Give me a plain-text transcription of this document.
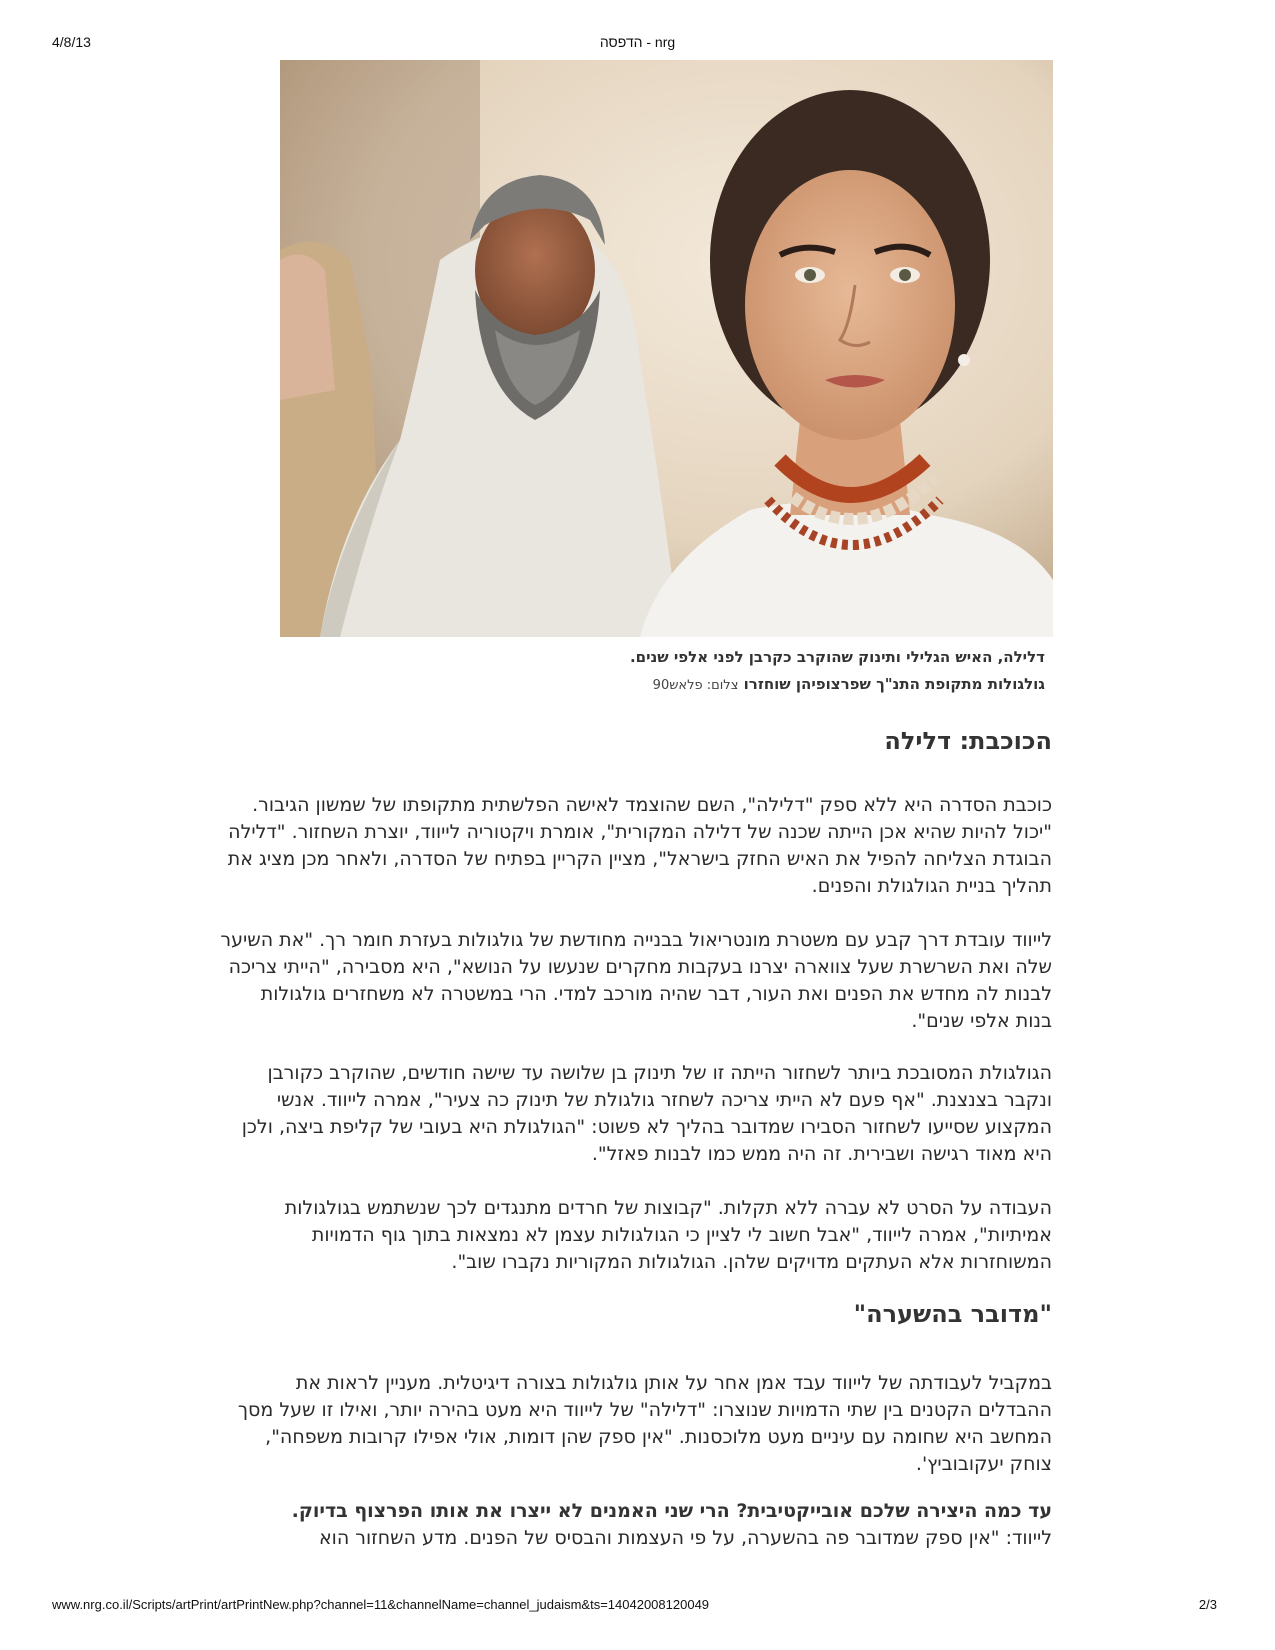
4/8/13	הדפסה - nrg
דלילה, האיש הגלילי ותינוק שהוקרב כקרבן לפני אלפי שנים.
גולגולות מתקופת התנ"ך שפרצופיהן שוחזרו צלום: פלאש90
הכוכבת: דלילה

כוכבת הסדרה היא ללא ספק "דלילה", השם שהוצמד לאישה הפלשתית מתקופתו של שמשון הגיבור. "יכול להיות שהיא אכן הייתה שכנה של דלילה המקורית", אומרת ויקטוריה לייווד, יוצרת השחזור. "דלילה הבוגדת הצליחה להפיל את האיש החזק בישראל", מציין הקריין בפתיח של הסדרה, ולאחר מכן מציג את תהליך בניית הגולגולת והפנים.

לייווד עובדת דרך קבע עם משטרת מונטריאול בבנייה מחודשת של גולגולות בעזרת חומר רך. "את השיער שלה ואת השרשרת שעל צווארה יצרנו בעקבות מחקרים שנעשו על הנושא", היא מסבירה, "הייתי צריכה לבנות לה מחדש את הפנים ואת העור, דבר שהיה מורכב למדי. הרי במשטרה לא משחזרים גולגולות בנות אלפי שנים".

הגולגולת המסובכת ביותר לשחזור הייתה זו של תינוק בן שלושה עד שישה חודשים, שהוקרב כקורבן ונקבר בצנצנת. "אף פעם לא הייתי צריכה לשחזר גולגולת של תינוק כה צעיר", אמרה לייווד. אנשי המקצוע שסייעו לשחזור הסבירו שמדובר בהליך לא פשוט: "הגולגולת היא בעובי של קליפת ביצה, ולכן היא מאוד רגישה ושבירית. זה היה ממש כמו לבנות פאזל".

העבודה על הסרט לא עברה ללא תקלות. "קבוצות של חרדים מתנגדים לכך שנשתמש בגולגולות אמיתיות", אמרה לייווד, "אבל חשוב לי לציין כי הגולגולות עצמן לא נמצאות בתוך גוף הדמויות המשוחזרות אלא העתקים מדויקים שלהן. הגולגולות המקוריות נקברו שוב".

"מדובר בהשערה"

במקביל לעבודתה של לייווד עבד אמן אחר על אותן גולגולות בצורה דיגיטלית. מעניין לראות את ההבדלים הקטנים בין שתי הדמויות שנוצרו: "דלילה" של לייווד היא מעט בהירה יותר, ואילו זו שעל מסך המחשב היא שחומה עם עיניים מעט מלוכסנות. "אין ספק שהן דומות, אולי אפילו קרובות משפחה", צוחק יעקובוביץ'.

עד כמה היצירה שלכם אובייקטיבית? הרי שני האמנים לא ייצרו את אותו הפרצוף בדיוק.
לייווד: "אין ספק שמדובר פה בהשערה, על פי העצמות והבסיס של הפנים. מדע השחזור הוא

www.nrg.co.il/Scripts/artPrint/artPrintNew.php?channel=11&channelName=channel_judaism&ts=14042008120049	2/3
